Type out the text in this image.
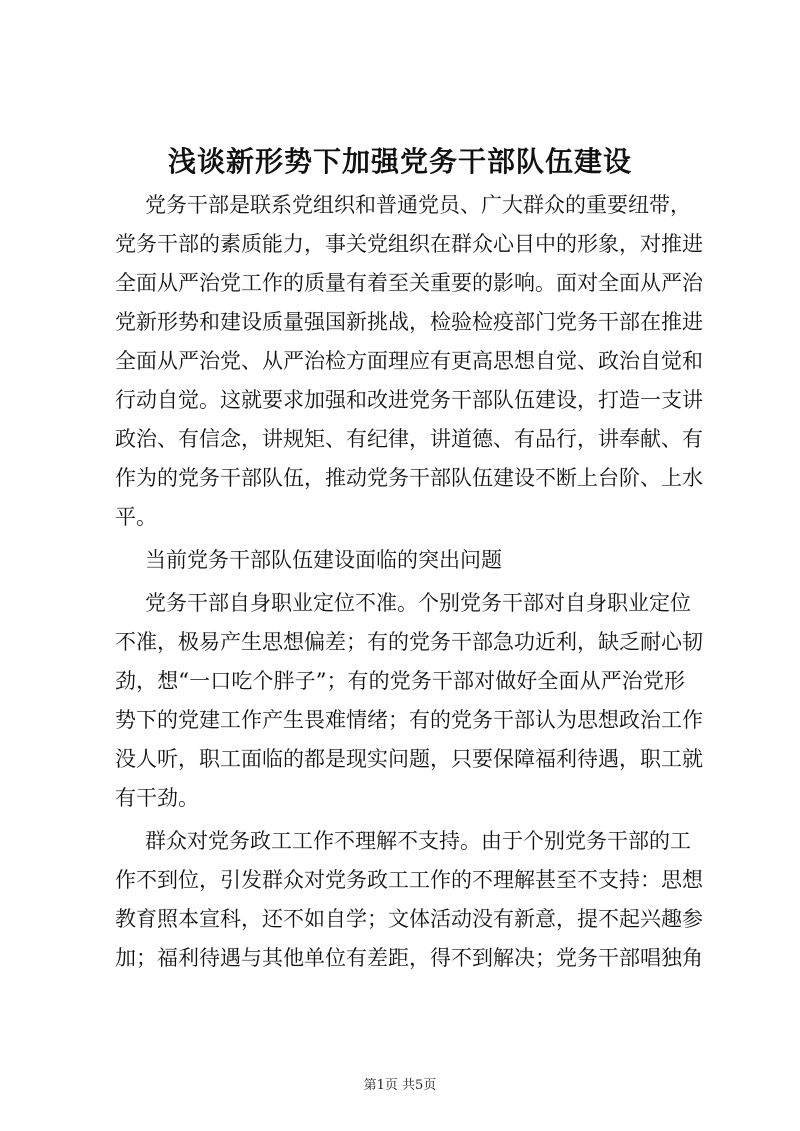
浅谈新形势下加强党务干部队伍建设
党务干部是联系党组织和普通党员、广大群众的重要纽带，
党务干部的素质能力，事关党组织在群众心目中的形象，对推进
全面从严治党工作的质量有着至关重要的影响。面对全面从严治
党新形势和建设质量强国新挑战，检验检疫部门党务干部在推进
全面从严治党、从严治检方面理应有更高思想自觉、政治自觉和
行动自觉。这就要求加强和改进党务干部队伍建设，打造一支讲
政治、有信念，讲规矩、有纪律，讲道德、有品行，讲奉献、有
作为的党务干部队伍，推动党务干部队伍建设不断上台阶、上水
平。
当前党务干部队伍建设面临的突出问题
党务干部自身职业定位不准。个别党务干部对自身职业定位
不准，极易产生思想偏差；有的党务干部急功近利，缺乏耐心韧
劲，想“一口吃个胖子”；有的党务干部对做好全面从严治党形
势下的党建工作产生畏难情绪；有的党务干部认为思想政治工作
没人听，职工面临的都是现实问题，只要保障福利待遇，职工就
有干劲。
群众对党务政工工作不理解不支持。由于个别党务干部的工
作不到位，引发群众对党务政工工作的不理解甚至不支持：思想
教育照本宣科，还不如自学；文体活动没有新意，提不起兴趣参
加；福利待遇与其他单位有差距，得不到解决；党务干部唱独角
第1页 共5页
